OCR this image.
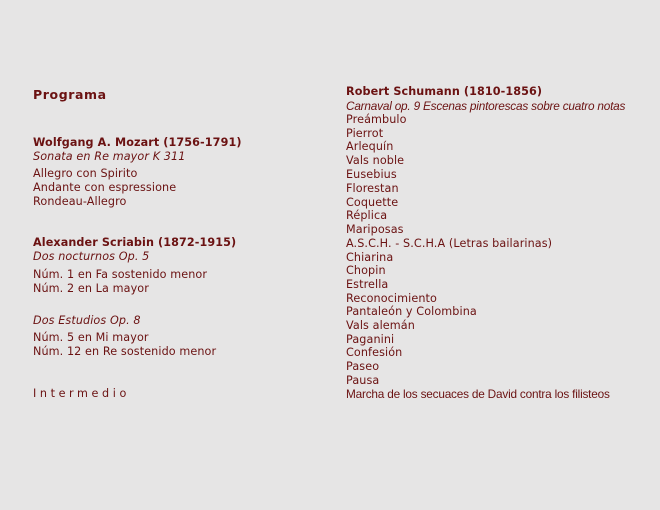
Programa
Wolfgang A. Mozart (1756-1791)
Sonata en Re mayor K 311
Allegro con Spirito
Andante con espressione
Rondeau-Allegro
Alexander Scriabin (1872-1915)
Dos nocturnos Op. 5
Núm. 1 en Fa sostenido menor
Núm. 2 en La mayor
Dos Estudios Op. 8
Núm. 5 en Mi mayor
Núm. 12 en Re sostenido menor
Intermedio
Robert Schumann (1810-1856)
Carnaval op. 9 Escenas pintorescas sobre cuatro notas
Preámbulo
Pierrot
Arlequín
Vals noble
Eusebius
Florestan
Coquette
Réplica
Mariposas
A.S.C.H. - S.C.H.A (Letras bailarinas)
Chiarina
Chopin
Estrella
Reconocimiento
Pantaleón y Colombina
Vals alemán
Paganini
Confesión
Paseo
Pausa
Marcha de los secuaces de David contra los filisteos
